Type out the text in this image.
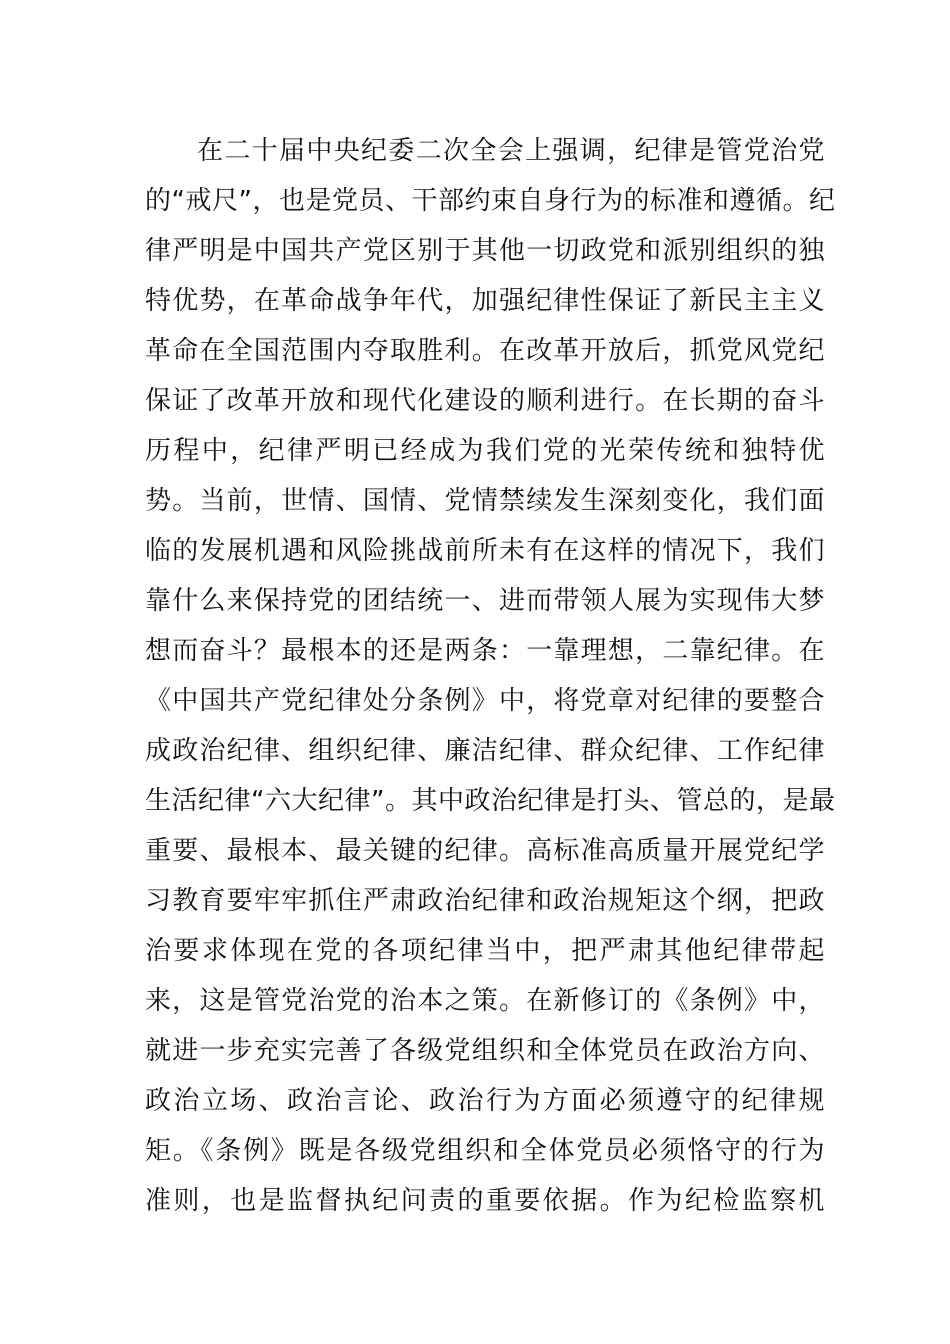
在二十届中央纪委二次全会上强调，纪律是管党治党
的“戒尺”，也是党员、干部约束自身行为的标准和遵循。纪
律严明是中国共产党区别于其他一切政党和派别组织的独
特优势，在革命战争年代，加强纪律性保证了新民主主义
革命在全国范围内夺取胜利。在改革开放后，抓党风党纪
保证了改革开放和现代化建设的顺利进行。在长期的奋斗
历程中，纪律严明已经成为我们党的光荣传统和独特优
势。当前，世情、国情、党情禁续发生深刻变化，我们面
临的发展机遇和风险挑战前所未有在这样的情况下，我们
靠什么来保持党的团结统一、进而带领人展为实现伟大梦
想而奋斗？最根本的还是两条：一靠理想，二靠纪律。在
《中国共产党纪律处分条例》中，将党章对纪律的要整合
成政治纪律、组织纪律、廉洁纪律、群众纪律、工作纪律
生活纪律“六大纪律”。其中政治纪律是打头、管总的，是最
重要、最根本、最关键的纪律。高标准高质量开展党纪学
习教育要牢牢抓住严肃政治纪律和政治规矩这个纲，把政
治要求体现在党的各项纪律当中，把严肃其他纪律带起
来，这是管党治党的治本之策。在新修订的《条例》中，
就进一步充实完善了各级党组织和全体党员在政治方向、
政治立场、政治言论、政治行为方面必须遵守的纪律规
矩。《条例》既是各级党组织和全体党员必须恪守的行为
准则，也是监督执纪问责的重要依据。作为纪检监察机
